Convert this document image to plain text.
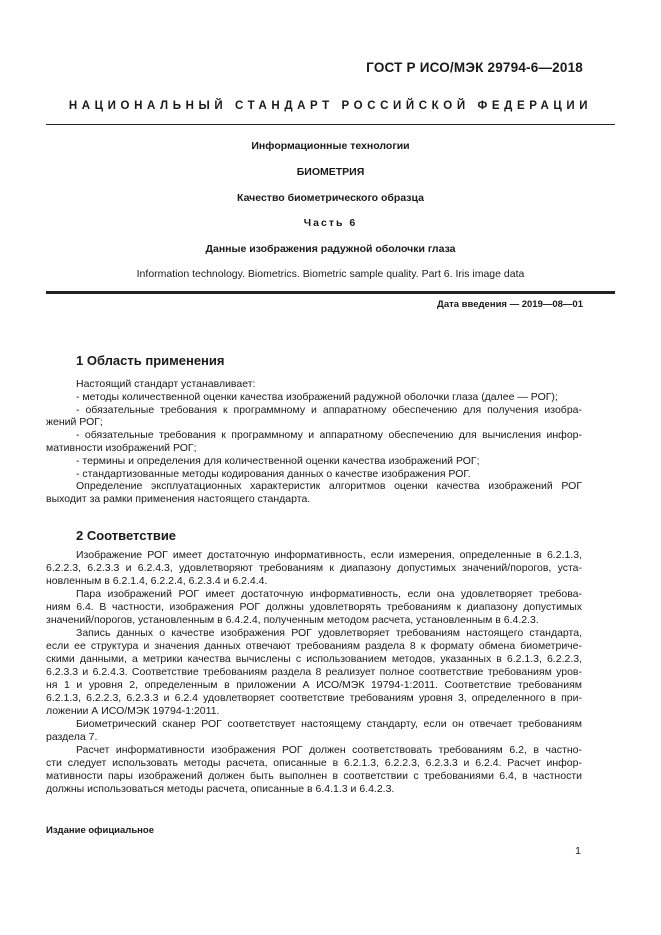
ГОСТ Р ИСО/МЭК 29794-6—2018
НАЦИОНАЛЬНЫЙ СТАНДАРТ РОССИЙСКОЙ ФЕДЕРАЦИИ
Информационные технологии
БИОМЕТРИЯ
Качество биометрического образца
Часть 6
Данные изображения радужной оболочки глаза
Information technology. Biometrics. Biometric sample quality. Part 6. Iris image data
Дата введения — 2019—08—01
1 Область применения
Настоящий стандарт устанавливает:
- методы количественной оценки качества изображений радужной оболочки глаза (далее — РОГ);
- обязательные требования к программному и аппаратному обеспечению для получения изобра-
жений РОГ;
- обязательные требования к программному и аппаратному обеспечению для вычисления инфор-
мативности изображений РОГ;
- термины и определения для количественной оценки качества изображений РОГ;
- стандартизованные методы кодирования данных о качестве изображения РОГ.
Определение эксплуатационных характеристик алгоритмов оценки качества изображений РОГ
выходит за рамки применения настоящего стандарта.
2 Соответствие
Изображение РОГ имеет достаточную информативность, если измерения, определенные в 6.2.1.3,
6.2.2.3, 6.2.3.3 и 6.2.4.3, удовлетворяют требованиям к диапазону допустимых значений/порогов, уста-
новленным в 6.2.1.4, 6.2.2.4, 6.2.3.4 и 6.2.4.4.
Пара изображений РОГ имеет достаточную информативность, если она удовлетворяет требова-
ниям 6.4. В частности, изображения РОГ должны удовлетворять требованиям к диапазону допустимых
значений/порогов, установленным в 6.4.2.4, полученным методом расчета, установленным в 6.4.2.3.
Запись данных о качестве изображения РОГ удовлетворяет требованиям настоящего стандарта,
если ее структура и значения данных отвечают требованиям раздела 8 к формату обмена биометриче-
скими данными, а метрики качества вычислены с использованием методов, указанных в 6.2.1.3, 6.2.2.3,
6.2.3.3 и 6.2.4.3. Соответствие требованиям раздела 8 реализует полное соответствие требованиям уров-
ня 1 и уровня 2, определенным в приложении А ИСО/МЭК 19794-1:2011. Соответствие требованиям
6.2.1.3, 6.2.2.3, 6.2.3.3 и 6.2.4 удовлетворяет соответствие требованиям уровня 3, определенного в при-
ложении А ИСО/МЭК 19794-1:2011.
Биометрический сканер РОГ соответствует настоящему стандарту, если он отвечает требованиям
раздела 7.
Расчет информативности изображения РОГ должен соответствовать требованиям 6.2, в частно-
сти следует использовать методы расчета, описанные в 6.2.1.3, 6.2.2.3, 6.2.3.3 и 6.2.4. Расчет инфор-
мативности пары изображений должен быть выполнен в соответствии с требованиями 6.4, в частности
должны использоваться методы расчета, описанные в 6.4.1.3 и 6.4.2.3.
Издание официальное
1
